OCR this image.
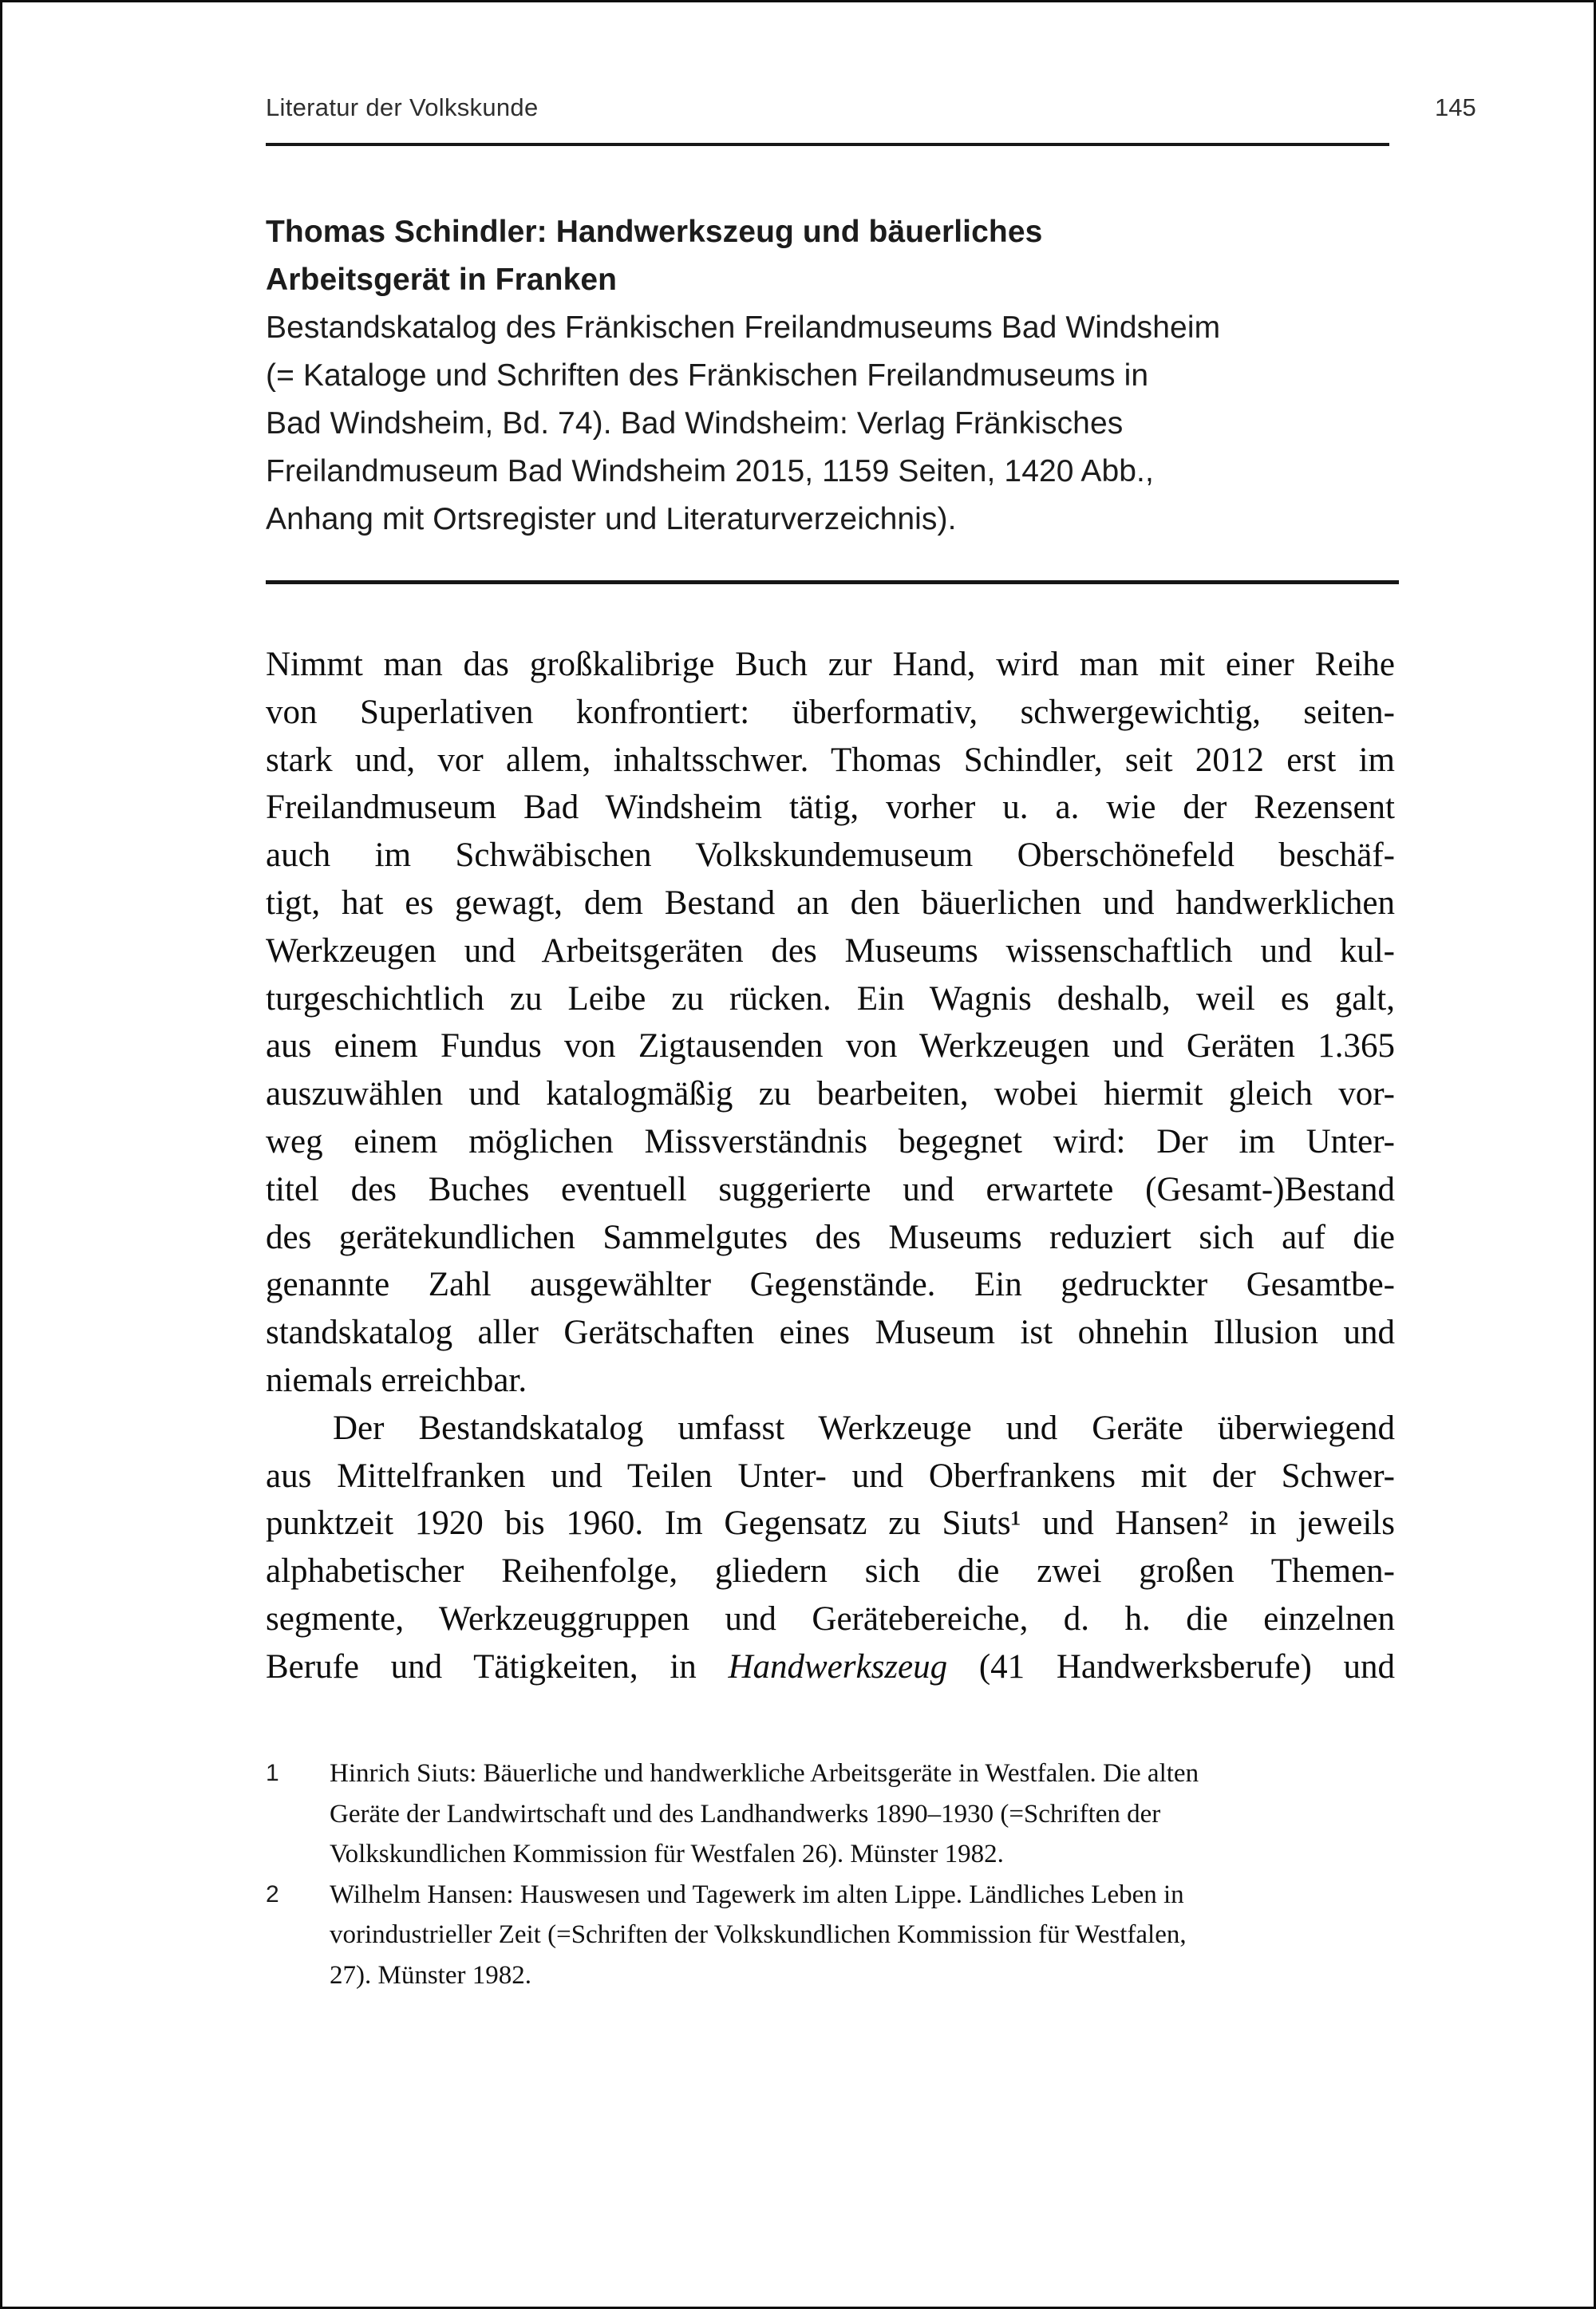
Literatur der Volkskunde	145
Thomas Schindler: Handwerkszeug und bäuerliches
Arbeitsgerät in Franken
Bestandskatalog des Fränkischen Freilandmuseums Bad Windsheim
(= Kataloge und Schriften des Fränkischen Freilandmuseums in
Bad Windsheim, Bd. 74). Bad Windsheim: Verlag Fränkisches
Freilandmuseum Bad Windsheim 2015, 1159 Seiten, 1420 Abb.,
Anhang mit Ortsregister und Literaturverzeichnis).
Nimmt man das großkalibrige Buch zur Hand, wird man mit einer Reihe
von Superlativen konfrontiert: überformativ, schwergewichtig, seiten-
stark und, vor allem, inhaltsschwer. Thomas Schindler, seit 2012 erst im
Freilandmuseum Bad Windsheim tätig, vorher u. a. wie der Rezensent
auch im Schwäbischen Volkskundemuseum Oberschönefeld beschäf-
tigt, hat es gewagt, dem Bestand an den bäuerlichen und handwerklichen
Werkzeugen und Arbeitsgeräten des Museums wissenschaftlich und kul-
turgeschichtlich zu Leibe zu rücken. Ein Wagnis deshalb, weil es galt,
aus einem Fundus von Zigtausenden von Werkzeugen und Geräten 1.365
auszuwählen und katalogmäßig zu bearbeiten, wobei hiermit gleich vor-
weg einem möglichen Missverständnis begegnet wird: Der im Unter-
titel des Buches eventuell suggerierte und erwartete (Gesamt-)Bestand
des gerätekundlichen Sammelgutes des Museums reduziert sich auf die
genannte Zahl ausgewählter Gegenstände. Ein gedruckter Gesamtbe-
standskatalog aller Gerätschaften eines Museum ist ohnehin Illusion und
niemals erreichbar.
Der Bestandskatalog umfasst Werkzeuge und Geräte überwiegend
aus Mittelfranken und Teilen Unter- und Oberfrankens mit der Schwer-
punktzeit 1920 bis 1960. Im Gegensatz zu Siuts¹ und Hansen² in jeweils
alphabetischer Reihenfolge, gliedern sich die zwei großen Themen-
segmente, Werkzeuggruppen und Gerätebereiche, d. h. die einzelnen
Berufe und Tätigkeiten, in Handwerkszeug (41 Handwerksberufe) und
1	Hinrich Siuts: Bäuerliche und handwerkliche Arbeitsgeräte in Westfalen. Die alten
Geräte der Landwirtschaft und des Landhandwerks 1890–1930 (=Schriften der
Volkskundlichen Kommission für Westfalen 26). Münster 1982.
2	Wilhelm Hansen: Hauswesen und Tagewerk im alten Lippe. Ländliches Leben in
vorindustrieller Zeit (=Schriften der Volkskundlichen Kommission für Westfalen,
27). Münster 1982.
